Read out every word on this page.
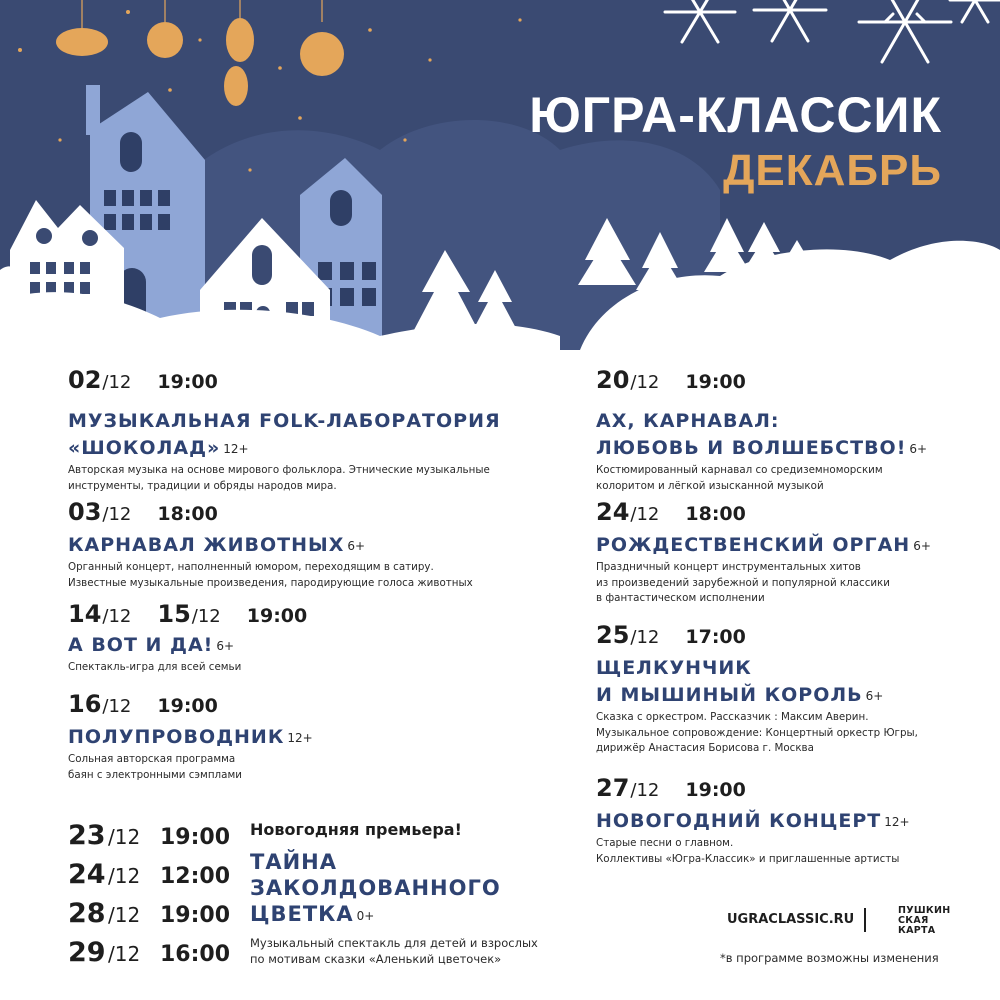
ЮГРА-КЛАССИК
ДЕКАБРЬ
02 /12 19:00
МУЗЫКАЛЬНАЯ FOLK-ЛАБОРАТОРИЯ
«ШОКОЛАД» 12+
Авторская музыка на основе мирового фольклора. Этнические музыкальные
инструменты, традиции и обряды народов мира.
03 /12 18:00
КАРНАВАЛ ЖИВОТНЫХ 6+
Органный концерт, наполненный юмором, переходящим в сатиру.
Известные музыкальные произведения, пародирующие голоса животных
14 /12 15 /12 19:00
А ВОТ И ДА! 6+
Спектакль-игра для всей семьи
16 /12 19:00
ПОЛУПРОВОДНИК 12+
Сольная авторская программа
баян с электронными сэмплами
23 /12 19:00
24 /12 12:00
28 /12 19:00
29 /12 16:00
Новогодняя премьера!
ТАЙНА
ЗАКОЛДОВАННОГО
ЦВЕТКА 0+
Музыкальный спектакль для детей и взрослых
по мотивам сказки «Аленький цветочек»
20 /12 19:00
АХ, КАРНАВАЛ:
ЛЮБОВЬ И ВОЛШЕБСТВО! 6+
Костюмированный карнавал со средиземноморским
колоритом и лёгкой изысканной музыкой
24 /12 18:00
РОЖДЕСТВЕНСКИЙ ОРГАН 6+
Праздничный концерт инструментальных хитов
из произведений зарубежной и популярной классики
в фантастическом исполнении
25 /12 17:00
ЩЕЛКУНЧИК
И МЫШИНЫЙ КОРОЛЬ 6+
Сказка с оркестром. Рассказчик : Максим Аверин.
Музыкальное сопровождение: Концертный оркестр Югры,
дирижёр Анастасия Борисова г. Москва
27 /12 19:00
НОВОГОДНИЙ КОНЦЕРТ 12+
Старые песни о главном.
Коллективы «Югра-Классик» и приглашенные артисты
UGRACLASSIC.RU
ПУШКИН
СКАЯ
КАРТА
*в программе возможны изменения
